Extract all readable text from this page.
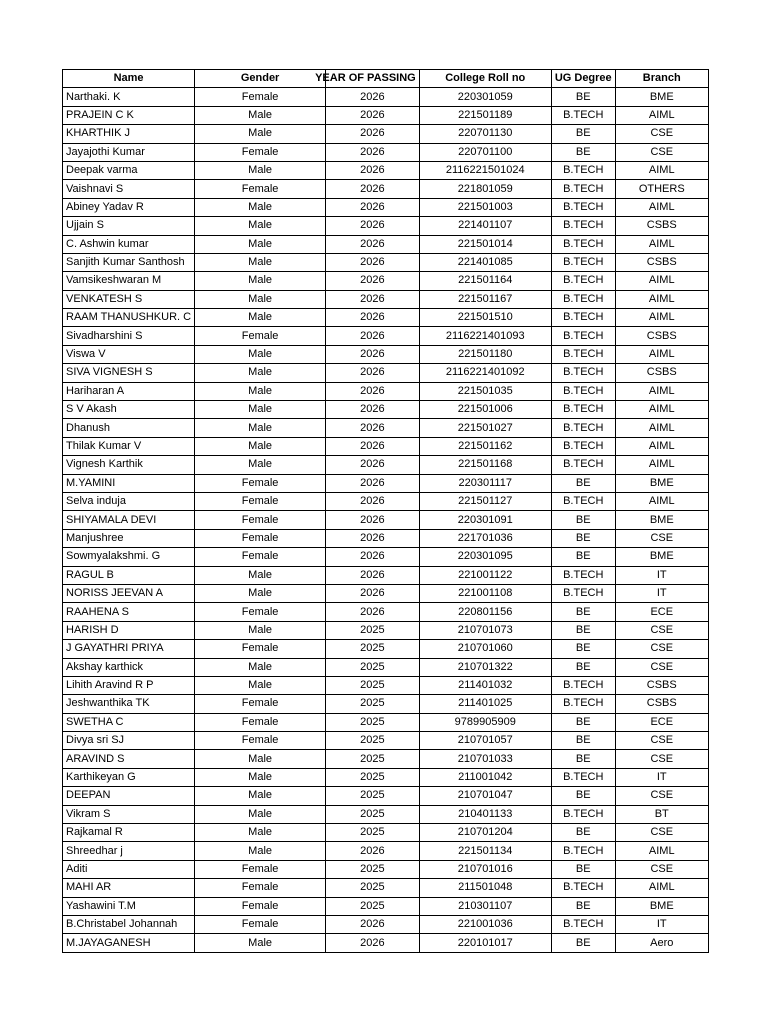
Name	Gender	YEAR OF PASSING	College Roll no	UG Degree	Branch
Narthaki. K	Female	2026	220301059	BE	BME
PRAJEIN C K	Male	2026	221501189	B.TECH	AIML
KHARTHIK J	Male	2026	220701130	BE	CSE
Jayajothi Kumar	Female	2026	220701100	BE	CSE
Deepak varma	Male	2026	2116221501024	B.TECH	AIML
Vaishnavi S	Female	2026	221801059	B.TECH	OTHERS
Abiney Yadav R	Male	2026	221501003	B.TECH	AIML
Ujjain S	Male	2026	221401107	B.TECH	CSBS
C. Ashwin kumar	Male	2026	221501014	B.TECH	AIML
Sanjith Kumar Santhosh	Male	2026	221401085	B.TECH	CSBS
Vamsikeshwaran M	Male	2026	221501164	B.TECH	AIML
VENKATESH S	Male	2026	221501167	B.TECH	AIML
RAAM THANUSHKUR. C	Male	2026	221501510	B.TECH	AIML
Sivadharshini S	Female	2026	2116221401093	B.TECH	CSBS
Viswa V	Male	2026	221501180	B.TECH	AIML
SIVA VIGNESH S	Male	2026	2116221401092	B.TECH	CSBS
Hariharan A	Male	2026	221501035	B.TECH	AIML
S V Akash	Male	2026	221501006	B.TECH	AIML
Dhanush	Male	2026	221501027	B.TECH	AIML
Thilak Kumar V	Male	2026	221501162	B.TECH	AIML
Vignesh Karthik	Male	2026	221501168	B.TECH	AIML
M.YAMINI	Female	2026	220301117	BE	BME
Selva induja	Female	2026	221501127	B.TECH	AIML
SHIYAMALA DEVI	Female	2026	220301091	BE	BME
Manjushree	Female	2026	221701036	BE	CSE
Sowmyalakshmi. G	Female	2026	220301095	BE	BME
RAGUL B	Male	2026	221001122	B.TECH	IT
NORISS JEEVAN A	Male	2026	221001108	B.TECH	IT
RAAHENA S	Female	2026	220801156	BE	ECE
HARISH D	Male	2025	210701073	BE	CSE
J GAYATHRI PRIYA	Female	2025	210701060	BE	CSE
Akshay karthick	Male	2025	210701322	BE	CSE
Lihith Aravind R P	Male	2025	211401032	B.TECH	CSBS
Jeshwanthika TK	Female	2025	211401025	B.TECH	CSBS
SWETHA C	Female	2025	9789905909	BE	ECE
Divya sri SJ	Female	2025	210701057	BE	CSE
ARAVIND S	Male	2025	210701033	BE	CSE
Karthikeyan G	Male	2025	211001042	B.TECH	IT
DEEPAN	Male	2025	210701047	BE	CSE
Vikram S	Male	2025	210401133	B.TECH	BT
Rajkamal R	Male	2025	210701204	BE	CSE
Shreedhar j	Male	2026	221501134	B.TECH	AIML
Aditi	Female	2025	210701016	BE	CSE
MAHI AR	Female	2025	211501048	B.TECH	AIML
Yashawini T.M	Female	2025	210301107	BE	BME
B.Christabel Johannah	Female	2026	221001036	B.TECH	IT
M.JAYAGANESH	Male	2026	220101017	BE	Aero
